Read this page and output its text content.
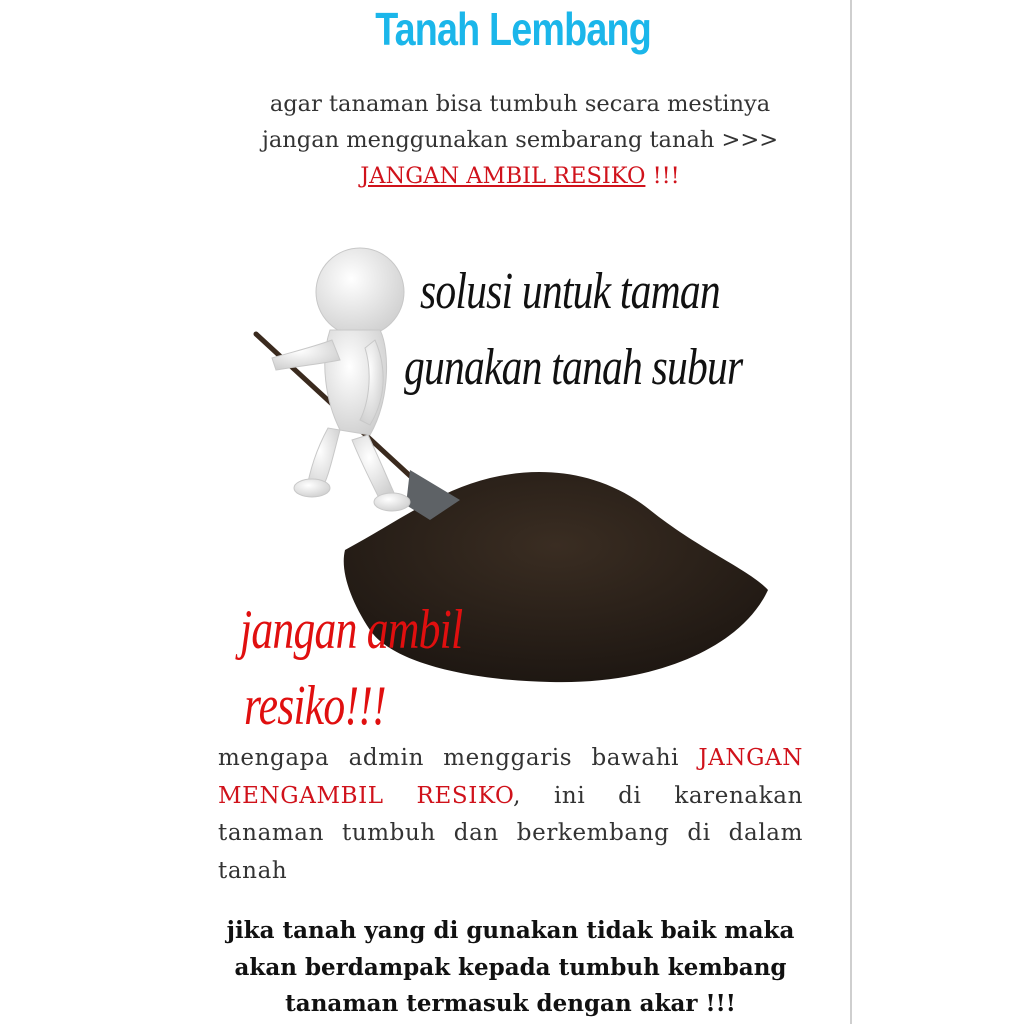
Tanah Lembang
agar tanaman bisa tumbuh secara mestinya
jangan menggunakan sembarang tanah >>>
JANGAN AMBIL RESIKO !!!
solusi untuk taman
gunakan tanah subur
jangan ambil
resiko!!!
mengapa admin menggaris bawahi JANGAN MENGAMBIL RESIKO, ini di karenakan tanaman tumbuh dan berkembang di dalam tanah
jika tanah yang di gunakan tidak baik maka
akan berdampak kepada tumbuh kembang
tanaman termasuk dengan akar !!!
